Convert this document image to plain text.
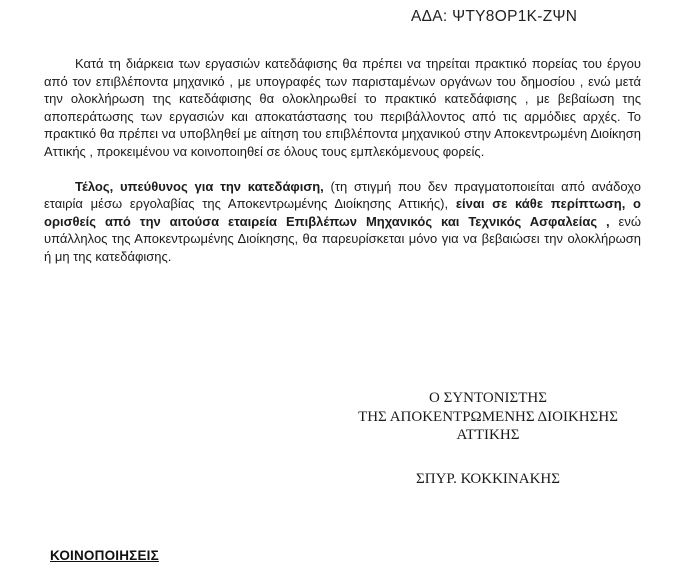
ΑΔΑ: ΨΤΥ8ΟΡ1Κ-ΖΨΝ

Κατά τη διάρκεια των εργασιών κατεδάφισης θα πρέπει να τηρείται πρακτικό πορείας του έργου από τον επιβλέποντα μηχανικό , με υπογραφές των παρισταμένων οργάνων του δημοσίου , ενώ μετά την ολοκλήρωση της κατεδάφισης θα ολοκληρωθεί το πρακτικό κατεδάφισης , με βεβαίωση της αποπεράτωσης των εργασιών και αποκατάστασης του περιβάλλοντος από τις αρμόδιες αρχές. Το πρακτικό θα πρέπει να υποβληθεί με αίτηση του επιβλέποντα μηχανικού στην Αποκεντρωμένη Διοίκηση Αττικής , προκειμένου να κοινοποιηθεί σε όλους τους εμπλεκόμενους φορείς.

Τέλος, υπεύθυνος για την κατεδάφιση, (τη στιγμή που δεν πραγματοποιείται από ανάδοχο εταιρία μέσω εργολαβίας της Αποκεντρωμένης Διοίκησης Αττικής), είναι σε κάθε περίπτωση, ο ορισθείς από την αιτούσα εταιρεία Επιβλέπων Μηχανικός και Τεχνικός Ασφαλείας , ενώ υπάλληλος της Αποκεντρωμένης Διοίκησης, θα παρευρίσκεται μόνο για να βεβαιώσει την ολοκλήρωση ή μη της κατεδάφισης.

Ο ΣΥΝΤΟΝΙΣΤΗΣ
ΤΗΣ ΑΠΟΚΕΝΤΡΩΜΕΝΗΣ ΔΙΟΙΚΗΣΗΣ
ΑΤΤΙΚΗΣ
ΣΠΥΡ. ΚΟΚΚΙΝΑΚΗΣ
ΚΟΙΝΟΠΟΙΗΣΕΙΣ
